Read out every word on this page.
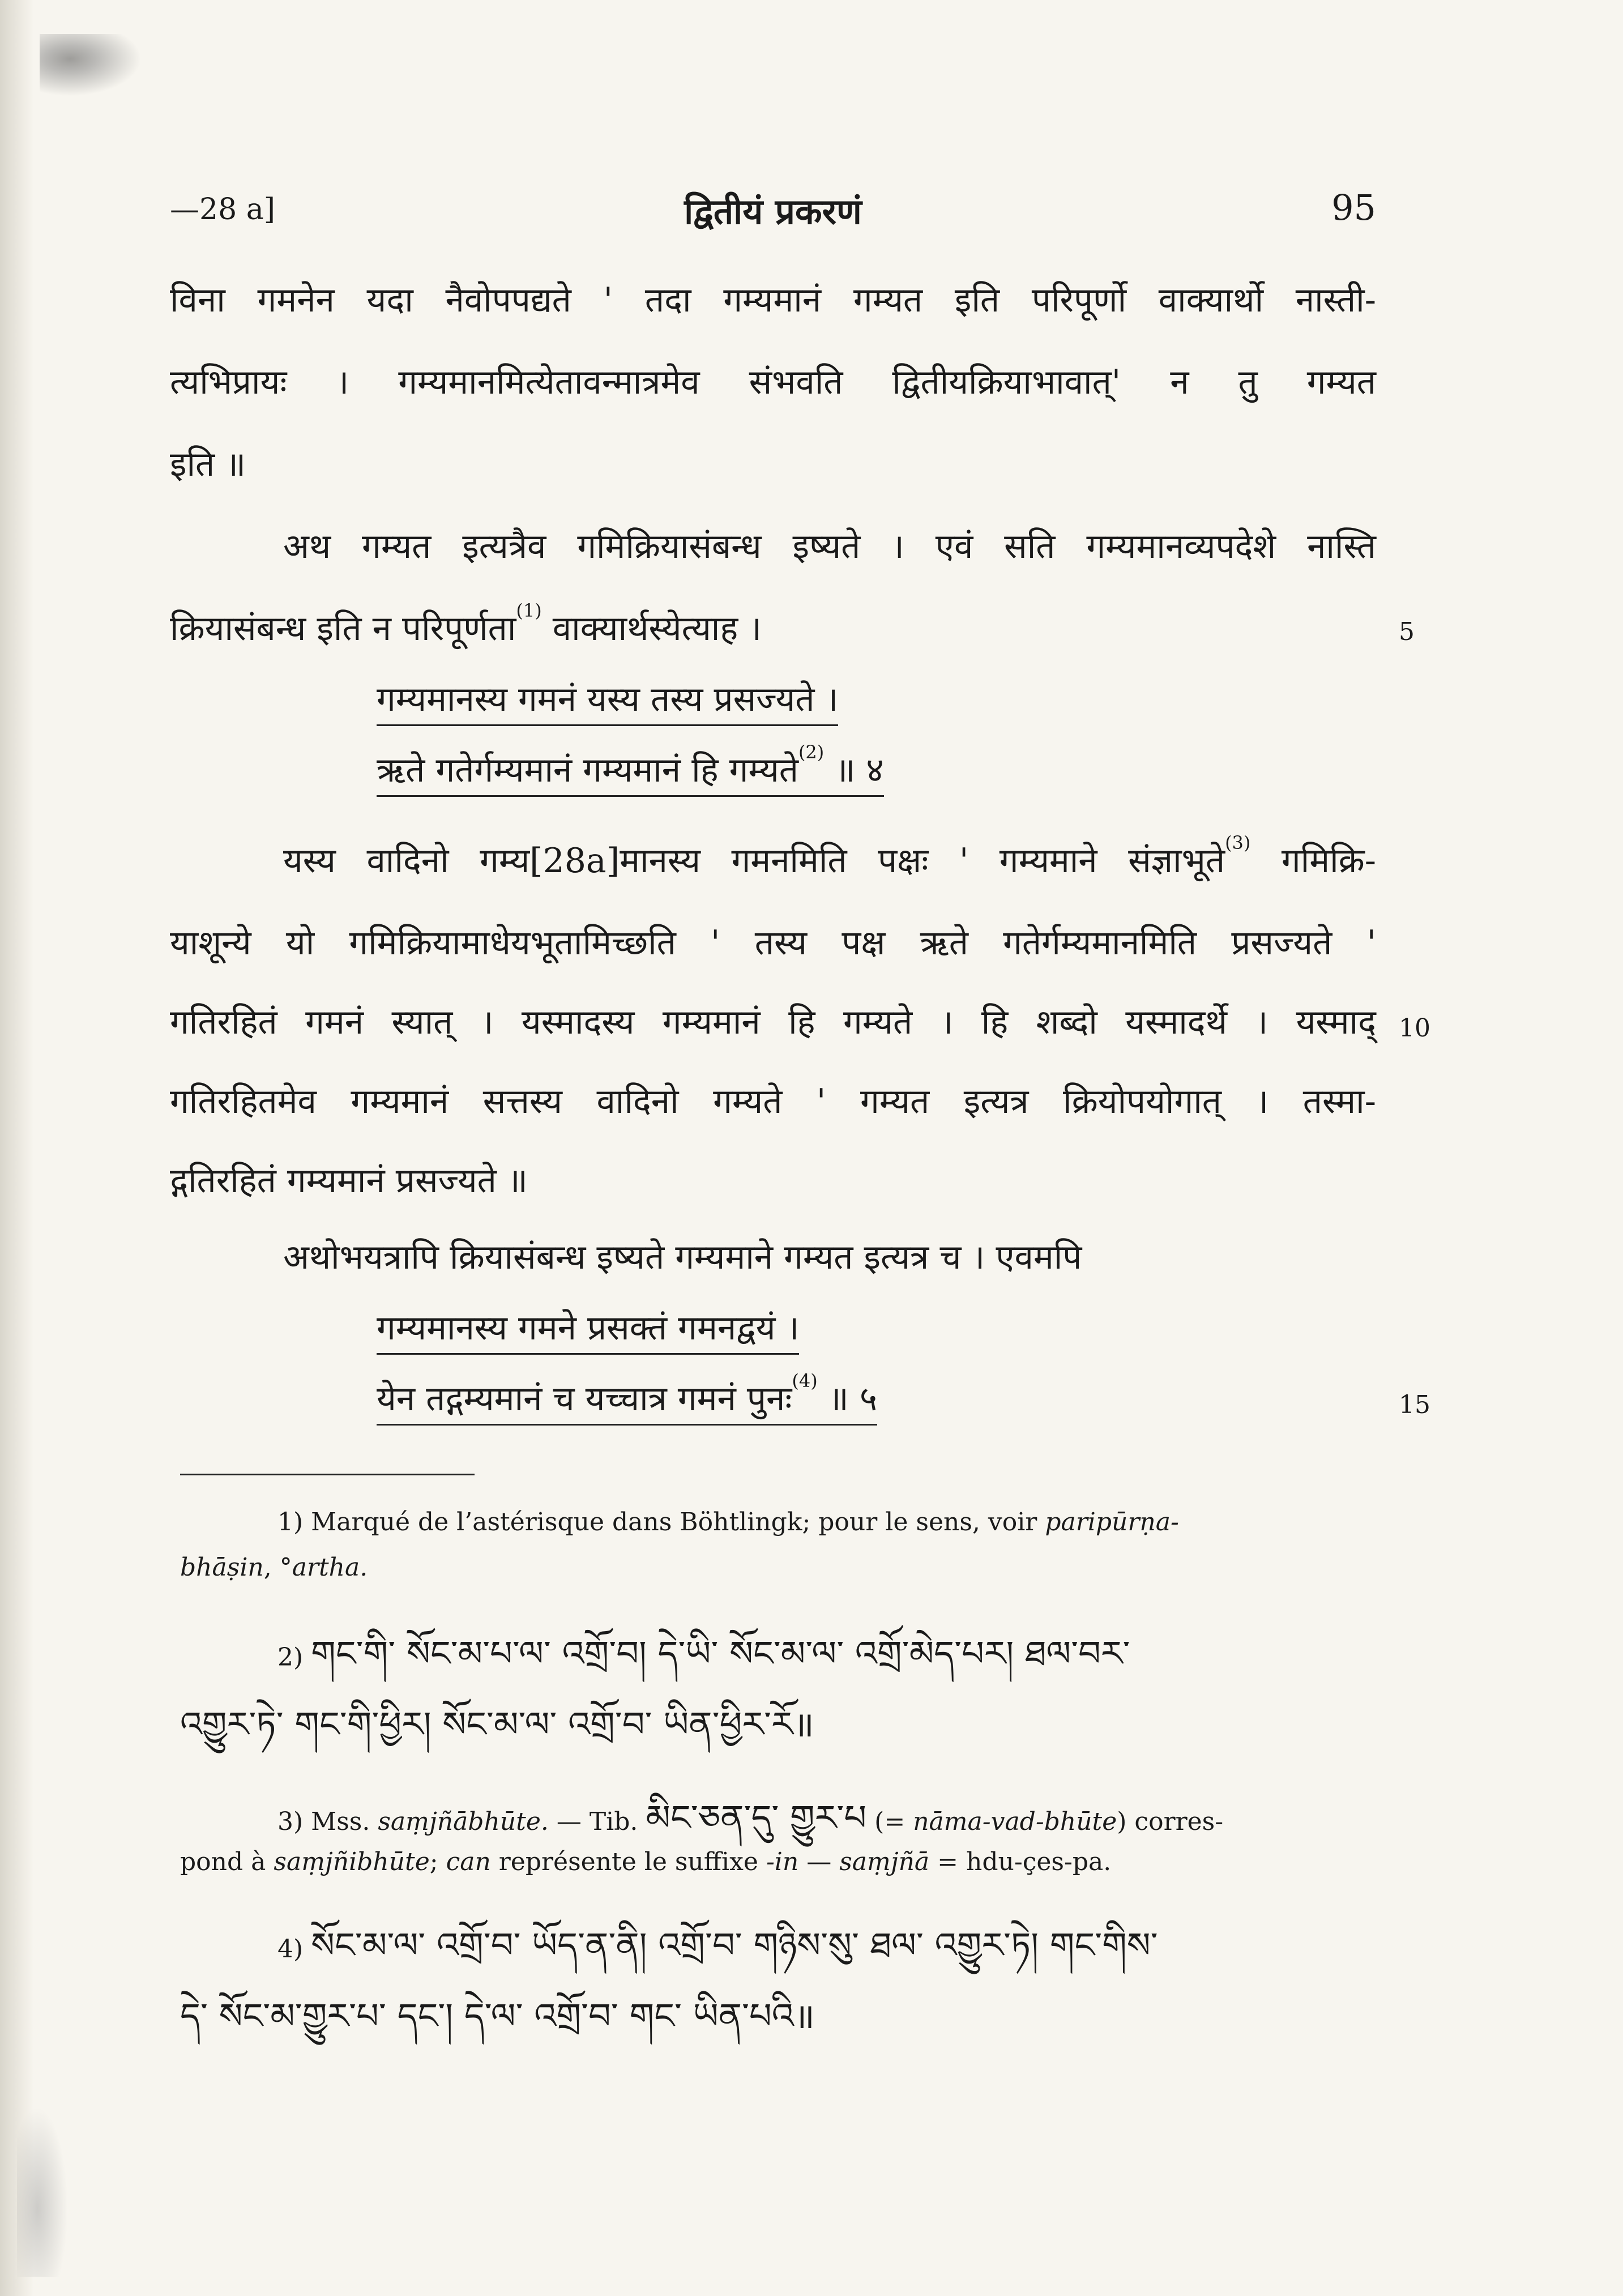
—28 a]	द्वितीयं प्रकरणं	95
विना गमनेन यदा नैवोपपद्यते ' तदा गम्यमानं गम्यत इति परिपूर्णो वाक्यार्थो नास्ती-
त्यभिप्रायः । गम्यमानमित्येतावन्मात्रमेव संभवति द्वितीयक्रियाभावात्' न तु गम्यत
इति ॥
अथ गम्यत इत्यत्रैव गमिक्रियासंबन्ध इष्यते । एवं सति गम्यमानव्यपदेशे नास्ति
क्रियासंबन्ध इति न परिपूर्णता$^{(1)}$ वाक्यार्थस्येत्याह ।	5
गम्यमानस्य गमनं यस्य तस्य प्रसज्यते ।
ऋते गतेर्गम्यमानं गम्यमानं हि गम्यते$^{(2)}$ ॥ ४
यस्य वादिनो गम्य[28a]मानस्य गमनमिति पक्षः ' गम्यमाने संज्ञाभूते$^{(3)}$ गमिक्रि-
याशून्ये यो गमिक्रियामाधेयभूतामिच्छति ' तस्य पक्ष ऋते गतेर्गम्यमानमिति प्रसज्यते '
गतिरहितं गमनं स्यात् । यस्मादस्य गम्यमानं हि गम्यते । हि शब्दो यस्मादर्थे । यस्माद् 10
गतिरहितमेव गम्यमानं सत्तस्य वादिनो गम्यते ' गम्यत इत्यत्र क्रियोपयोगात् । तस्मा-
द्गतिरहितं गम्यमानं प्रसज्यते ॥
अथोभयत्रापि क्रियासंबन्ध इष्यते गम्यमाने गम्यत इत्यत्र च । एवमपि
गम्यमानस्य गमने प्रसक्तं गमनद्वयं ।
येन तद्गम्यमानं च यच्चात्र गमनं पुनः$^{(4)}$ ॥ ५	15
1) Marqué de l’astérisque dans Böhtlingk; pour le sens, voir paripūrṇa-
bhāṣin, °artha.
2) གང་གི་ སོང་མ་པ་ལ་ འགྲོ་བ། དེ་ཡི་ སོང་མ་ལ་ འགྲོ་མེད་པར། ཐལ་བར་
འགྱུར་ཏེ་ གང་གི་ཕྱིར། སོང་མ་ལ་ འགྲོ་བ་ ཡིན་ཕྱིར་རོ॥
3) Mss. saṃjñābhūte. — Tib. མིང་ཅན་དུ་ གྱུར་པ (= nāma-vad-bhūte) corres-
pond à saṃjñibhūte; can représente le suffixe -in — saṃjñā = hdu-çes-pa.
4) སོང་མ་ལ་ འགྲོ་བ་ ཡོད་ན་ནི། འགྲོ་བ་ གཉིས་སུ་ ཐལ་ འགྱུར་ཏེ། གང་གིས་
དེ་ སོང་མ་གྱུར་པ་ དང་། དེ་ལ་ འགྲོ་བ་ གང་ ཡིན་པའི॥
